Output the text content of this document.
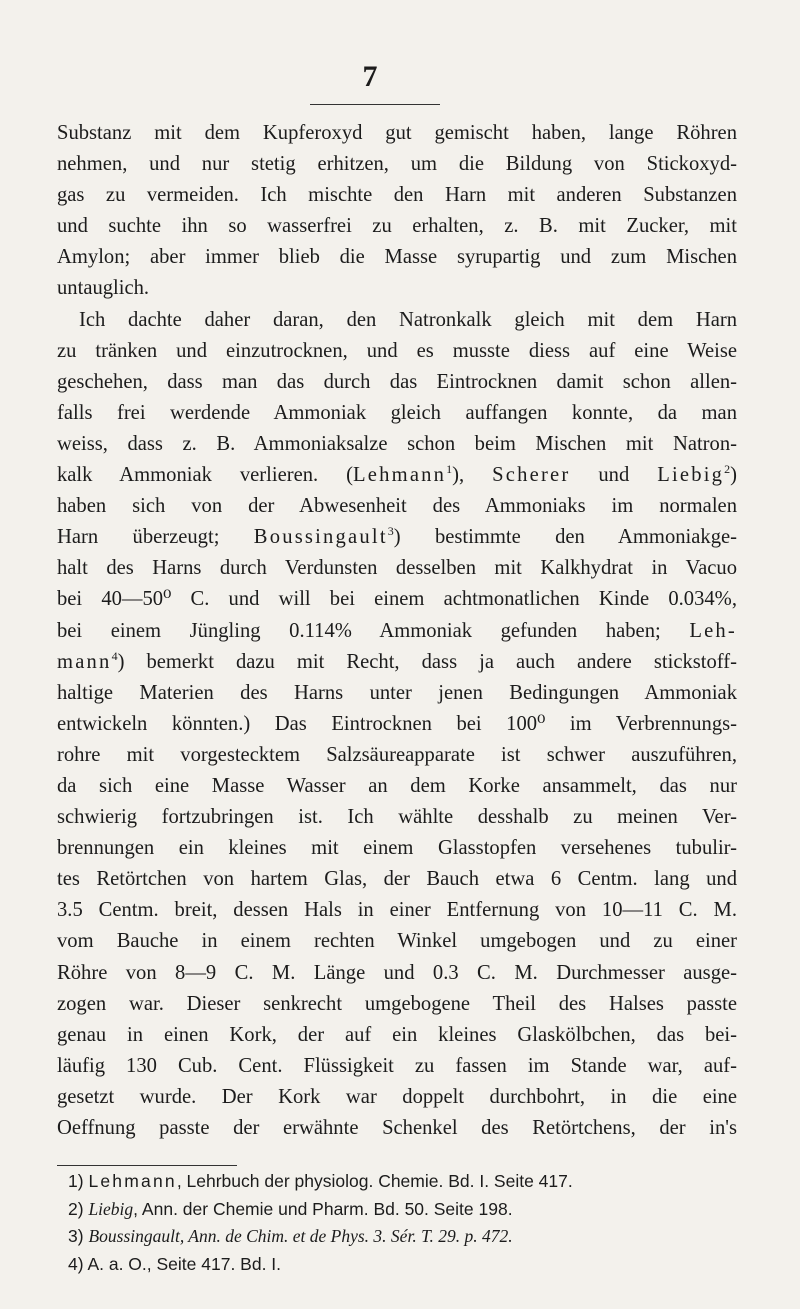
7
Substanz mit dem Kupferoxyd gut gemischt haben, lange Röhren
nehmen, und nur stetig erhitzen, um die Bildung von Stickoxyd-
gas zu vermeiden. Ich mischte den Harn mit anderen Substanzen
und suchte ihn so wasserfrei zu erhalten, z. B. mit Zucker, mit
Amylon; aber immer blieb die Masse syrupartig und zum Mischen
untauglich.
Ich dachte daher daran, den Natronkalk gleich mit dem Harn
zu tränken und einzutrocknen, und es musste diess auf eine Weise
geschehen, dass man das durch das Eintrocknen damit schon allen-
falls frei werdende Ammoniak gleich auffangen konnte, da man
weiss, dass z. B. Ammoniaksalze schon beim Mischen mit Natron-
kalk Ammoniak verlieren. (Lehmann$^1$), Scherer und Liebig$^2$)
haben sich von der Abwesenheit des Ammoniaks im normalen
Harn überzeugt; Boussingault$^3$) bestimmte den Ammoniakge-
halt des Harns durch Verdunsten desselben mit Kalkhydrat in Vacuo
bei 40—50⁰ C. und will bei einem achtmonatlichen Kinde 0.034%,
bei einem Jüngling 0.114% Ammoniak gefunden haben; Leh-
mann$^4$) bemerkt dazu mit Recht, dass ja auch andere stickstoff-
haltige Materien des Harns unter jenen Bedingungen Ammoniak
entwickeln könnten.) Das Eintrocknen bei 100⁰ im Verbrennungs-
rohre mit vorgestecktem Salzsäureapparate ist schwer auszuführen,
da sich eine Masse Wasser an dem Korke ansammelt, das nur
schwierig fortzubringen ist. Ich wählte desshalb zu meinen Ver-
brennungen ein kleines mit einem Glasstopfen versehenes tubulir-
tes Retörtchen von hartem Glas, der Bauch etwa 6 Centm. lang und
3.5 Centm. breit, dessen Hals in einer Entfernung von 10—11 C. M.
vom Bauche in einem rechten Winkel umgebogen und zu einer
Röhre von 8—9 C. M. Länge und 0.3 C. M. Durchmesser ausge-
zogen war. Dieser senkrecht umgebogene Theil des Halses passte
genau in einen Kork, der auf ein kleines Glaskölbchen, das bei-
läufig 130 Cub. Cent. Flüssigkeit zu fassen im Stande war, auf-
gesetzt wurde. Der Kork war doppelt durchbohrt, in die eine
Oeffnung passte der erwähnte Schenkel des Retörtchens, der in's
1) Lehmann, Lehrbuch der physiolog. Chemie. Bd. I. Seite 417.
2) Liebig, Ann. der Chemie und Pharm. Bd. 50. Seite 198.
3) Boussingault, Ann. de Chim. et de Phys. 3. Sér. T. 29. p. 472.
4) A. a. O., Seite 417. Bd. I.
